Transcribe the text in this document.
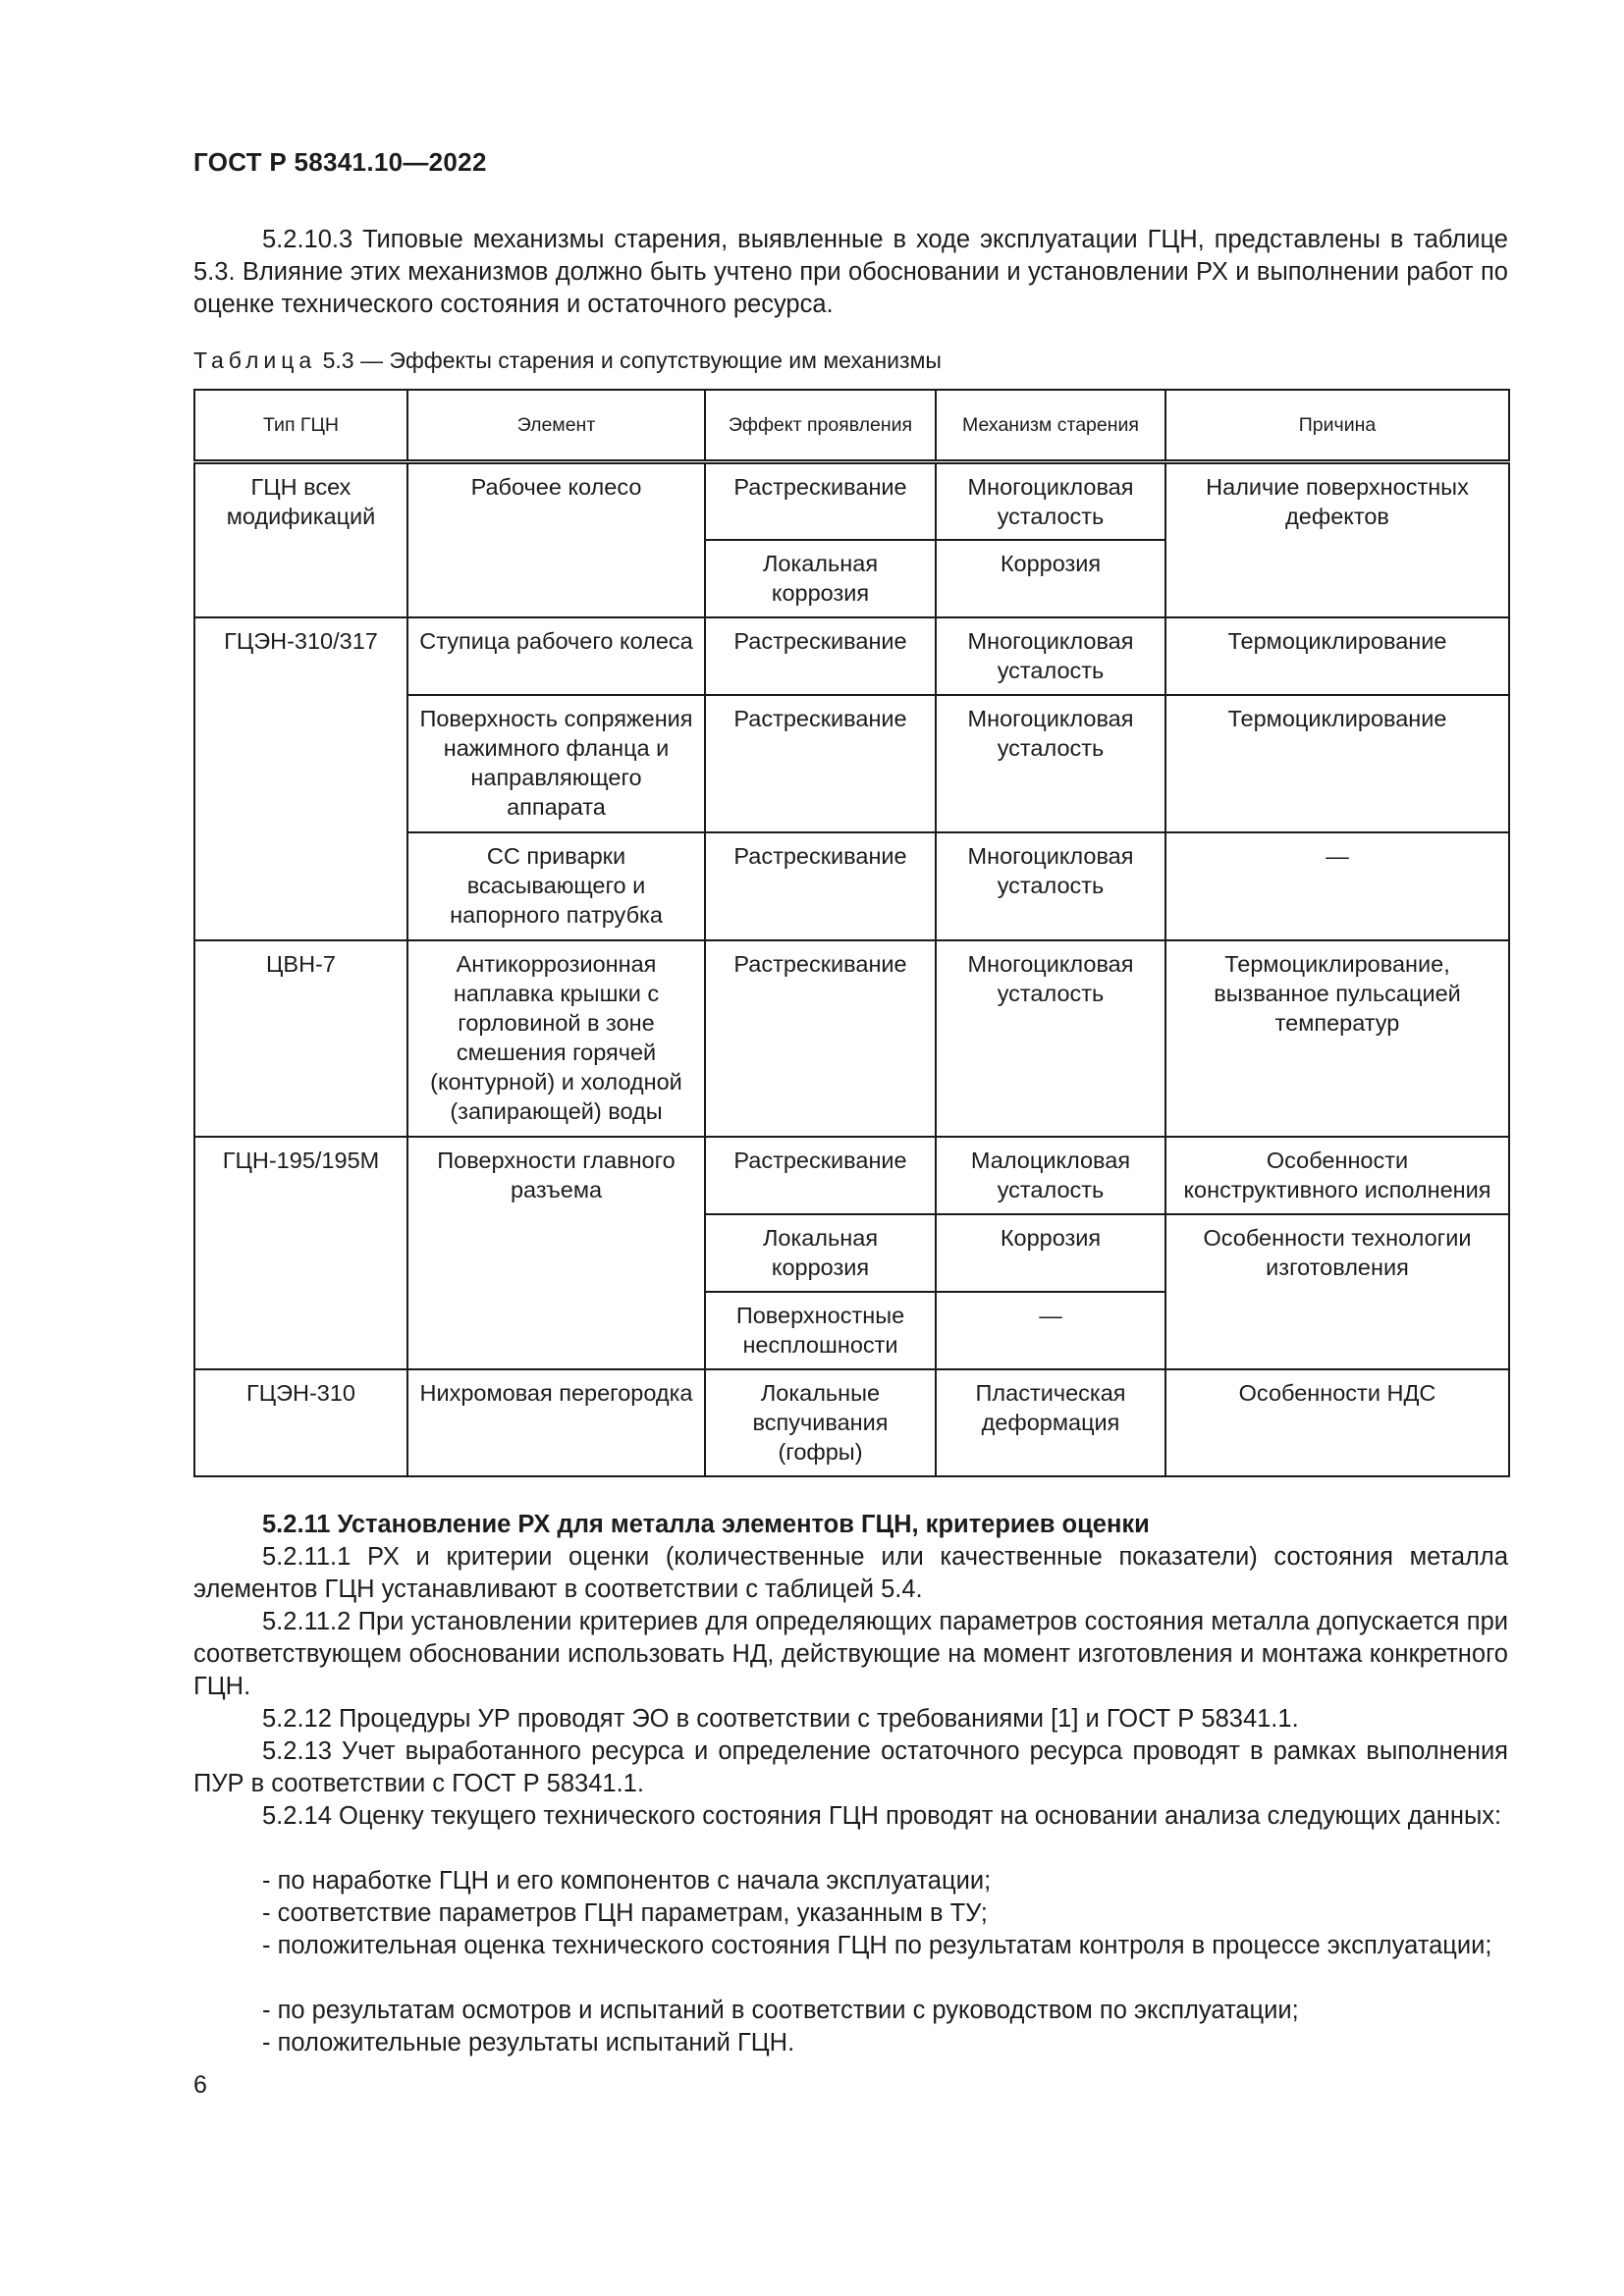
ГОСТ Р 58341.10—2022
5.2.10.3 Типовые механизмы старения, выявленные в ходе эксплуатации ГЦН, представлены в таблице 5.3. Влияние этих механизмов должно быть учтено при обосновании и установлении РХ и выполнении работ по оценке технического состояния и остаточного ресурса.
Таблица 5.3 — Эффекты старения и сопутствующие им механизмы
Тип ГЦН	Элемент	Эффект проявления	Механизм старения	Причина
ГЦН всех модификаций	Рабочее колесо	Растрескивание	Многоцикловая усталость	Наличие поверхностных дефектов
		Локальная коррозия	Коррозия	
ГЦЭН-310/317	Ступица рабочего колеса	Растрескивание	Многоцикловая усталость	Термоциклирование
	Поверхность сопряжения нажимного фланца и направляющего аппарата	Растрескивание	Многоцикловая усталость	Термоциклирование
	СС приварки всасывающего и напорного патрубка	Растрескивание	Многоцикловая усталость	—
ЦВН-7	Антикоррозионная наплавка крышки с горловиной в зоне смешения горячей (контурной) и холодной (запирающей) воды	Растрескивание	Многоцикловая усталость	Термоциклирование, вызванное пульсацией температур
ГЦН-195/195М	Поверхности главного разъема	Растрескивание	Малоцикловая усталость	Особенности конструктивного исполнения
		Локальная коррозия	Коррозия	Особенности технологии изготовления
		Поверхностные несплошности	—	
ГЦЭН-310	Нихромовая перегородка	Локальные вспучивания (гофры)	Пластическая деформация	Особенности НДС
5.2.11 Установление РХ для металла элементов ГЦН, критериев оценки
5.2.11.1 РХ и критерии оценки (количественные или качественные показатели) состояния металла элементов ГЦН устанавливают в соответствии с таблицей 5.4.
5.2.11.2 При установлении критериев для определяющих параметров состояния металла допускается при соответствующем обосновании использовать НД, действующие на момент изготовления и монтажа конкретного ГЦН.
5.2.12 Процедуры УР проводят ЭО в соответствии с требованиями [1] и ГОСТ Р 58341.1.
5.2.13 Учет выработанного ресурса и определение остаточного ресурса проводят в рамках выполнения ПУР в соответствии с ГОСТ Р 58341.1.
5.2.14 Оценку текущего технического состояния ГЦН проводят на основании анализа следующих данных:
- по наработке ГЦН и его компонентов с начала эксплуатации;
- соответствие параметров ГЦН параметрам, указанным в ТУ;
- положительная оценка технического состояния ГЦН по результатам контроля в процессе эксплуатации;
- по результатам осмотров и испытаний в соответствии с руководством по эксплуатации;
- положительные результаты испытаний ГЦН.
6
